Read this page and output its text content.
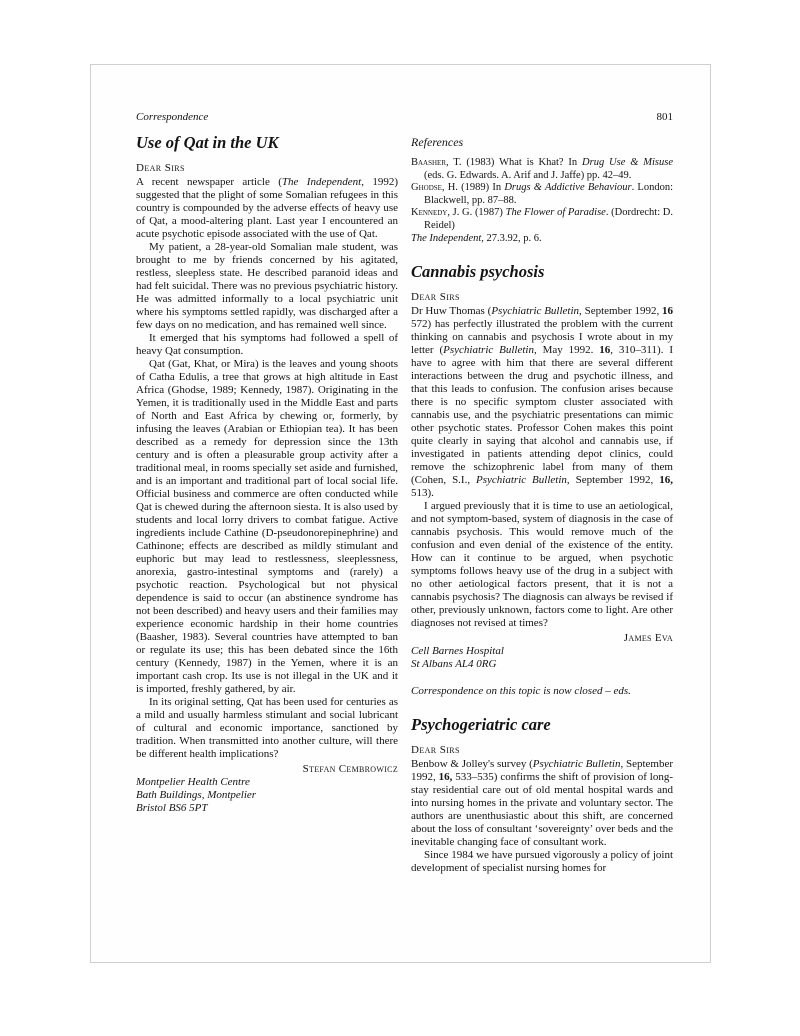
Correspondence	801
Use of Qat in the UK
Dear Sirs

A recent newspaper article (The Independent, 1992) suggested that the plight of some Somalian refugees in this country is compounded by the adverse effects of heavy use of Qat, a mood-altering plant. Last year I encountered an acute psychotic episode associated with the use of Qat.

My patient, a 28-year-old Somalian male student, was brought to me by friends concerned by his agitated, restless, sleepless state. He described paranoid ideas and had felt suicidal. There was no previous psychiatric history. He was admitted informally to a local psychiatric unit where his symptoms settled rapidly, was discharged after a few days on no medication, and has remained well since.

It emerged that his symptoms had followed a spell of heavy Qat consumption.

Qat (Gat, Khat, or Mira) is the leaves and young shoots of Catha Edulis, a tree that grows at high altitude in East Africa (Ghodse, 1989; Kennedy, 1987). Originating in the Yemen, it is traditionally used in the Middle East and parts of North and East Africa by chewing or, formerly, by infusing the leaves (Arabian or Ethiopian tea). It has been described as a remedy for depression since the 13th century and is often a pleasurable group activity after a traditional meal, in rooms specially set aside and furnished, and is an important and traditional part of local social life. Official business and commerce are often conducted while Qat is chewed during the afternoon siesta. It is also used by students and local lorry drivers to combat fatigue. Active ingredients include Cathine (D-pseudonorepinephrine) and Cathinone; effects are described as mildly stimulant and euphoric but may lead to restlessness, sleeplessness, anorexia, gastro-intestinal symptoms and (rarely) a psychotic reaction. Psychological but not physical dependence is said to occur (an abstinence syndrome has not been described) and heavy users and their families may experience economic hardship in their home countries (Baasher, 1983). Several countries have attempted to ban or regulate its use; this has been debated since the 16th century (Kennedy, 1987) in the Yemen, where it is an important cash crop. Its use is not illegal in the UK and it is imported, freshly gathered, by air.

In its original setting, Qat has been used for centuries as a mild and usually harmless stimulant and social lubricant of cultural and economic importance, sanctioned by tradition. When transmitted into another culture, will there be different health implications?

Stefan Cembrowicz
Montpelier Health Centre
Bath Buildings, Montpelier
Bristol BS6 5PT
References

Baasher, T. (1983) What is Khat? In Drug Use & Misuse (eds. G. Edwards. A. Arif and J. Jaffe) pp. 42–49.

Ghodse, H. (1989) In Drugs & Addictive Behaviour. London: Blackwell, pp. 87–88.

Kennedy, J. G. (1987) The Flower of Paradise. (Dordrecht: D. Reidel)

The Independent, 27.3.92, p. 6.

Cannabis psychosis
Dear Sirs

Dr Huw Thomas (Psychiatric Bulletin, September 1992, 16 572) has perfectly illustrated the problem with the current thinking on cannabis and psychosis I wrote about in my letter (Psychiatric Bulletin, May 1992. 16, 310–311). I have to agree with him that there are several different interactions between the drug and psychotic illness, and that this leads to confusion. The confusion arises because there is no specific symptom cluster associated with cannabis use, and the psychiatric presentations can mimic other psychotic states. Professor Cohen makes this point quite clearly in saying that alcohol and cannabis use, if investigated in patients attending depot clinics, could remove the schizophrenic label from many of them (Cohen, S.I., Psychiatric Bulletin, September 1992, 16, 513).

I argued previously that it is time to use an aetiological, and not symptom-based, system of diagnosis in the case of cannabis psychosis. This would remove much of the confusion and even denial of the existence of the entity. How can it continue to be argued, when psychotic symptoms follows heavy use of the drug in a subject with no other aetiological factors present, that it is not a cannabis psychosis? The diagnosis can always be revised if other, previously unknown, factors come to light. Are other diagnoses not revised at times?

James Eva
Cell Barnes Hospital
St Albans AL4 0RG
Correspondence on this topic is now closed – eds.
Psychogeriatric care
Dear Sirs

Benbow & Jolley's survey (Psychiatric Bulletin, September 1992, 16, 533–535) confirms the shift of provision of long-stay residential care out of old mental hospital wards and into nursing homes in the private and voluntary sector. The authors are unenthusiastic about this shift, are concerned about the loss of consultant ‘sovereignty’ over beds and the inevitable changing face of consultant work.

Since 1984 we have pursued vigorously a policy of joint development of specialist nursing homes for
